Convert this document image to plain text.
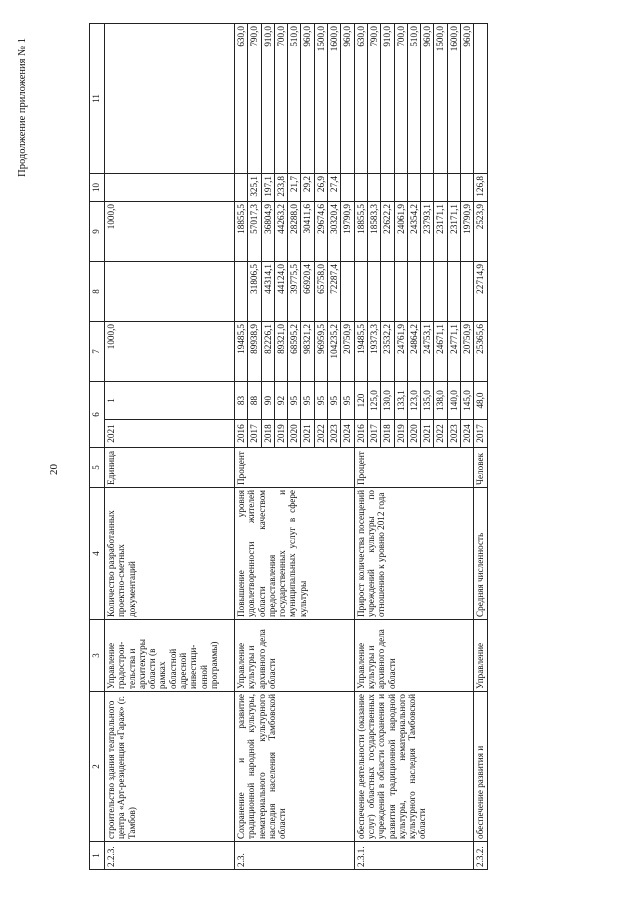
20
Продолжение приложения № 1
1	2	3	4	5	6		7	8	9	10	11
2.2.3.	строительство здания театрального центра «Арт-резиденция «Гараж» (г. Тамбов)	Управление градострои-тельства и архитектуры области (в рамках областной адресной инвестици-онной программы)	Количество разработанных проектно-сметных документаций	Единица	2021	1	1000,0		1000,0		
2.3.	Сохранение и развитие традиционной народной культуры, нематериального культурного наследия населения Тамбовской области	Управление культуры и архивного дела области	Повышение уровня удовлетворенности жителей области качеством предоставления государственных и муниципальных услуг в сфере культуры	Процент	2016	83	19485,5		18855,5		630,0
					2017	88	89938,9	31806,5	57017,3	325,1	790,0
					2018	90	82226,1	44314,1	36804,9	197,1	910,0
					2019	92	89321,0	44124,0	44263,2	233,8	700,0
					2020	95	68595,2	39775,5	28288,0	21,7	510,0
					2021	95	98321,2	66920,4	30411,6	29,2	960,0
					2022	95	96959,5	65758,0	29674,6	26,9	1500,0
					2023	95	104235,2	72287,4	30320,4	27,4	1600,0
					2024	95	20750,9		19790,9		960,0
2.3.1.	обеспечение деятельности (оказание услуг) областных государственных учреждений в области сохранения и развития традиционной народной культуры, нематериального культурного наследия Тамбовской области	Управление культуры и архивного дела области	Прирост количества посещений учреждений культуры по отношению к уровню 2012 года	Процент	2016	120	19485,5		18855,5		630,0
					2017	125,0	19373,3		18583,3		790,0
					2018	130,0	23532,2		22622,2		910,0
					2019	133,1	24761,9		24061,9		700,0
					2020	123,0	24864,2		24354,2		510,0
					2021	135,0	24753,1		23793,1		960,0
					2022	138,0	24671,1		23171,1		1500,0
					2023	140,0	24771,1		23171,1		1600,0
					2024	145,0	20750,9		19790,9		960,0
2.3.2.	обеспечение развития и	Управление	Средняя численность	Человек	2017	48,0	25365,6	22714,9	2523,9	126,8	
